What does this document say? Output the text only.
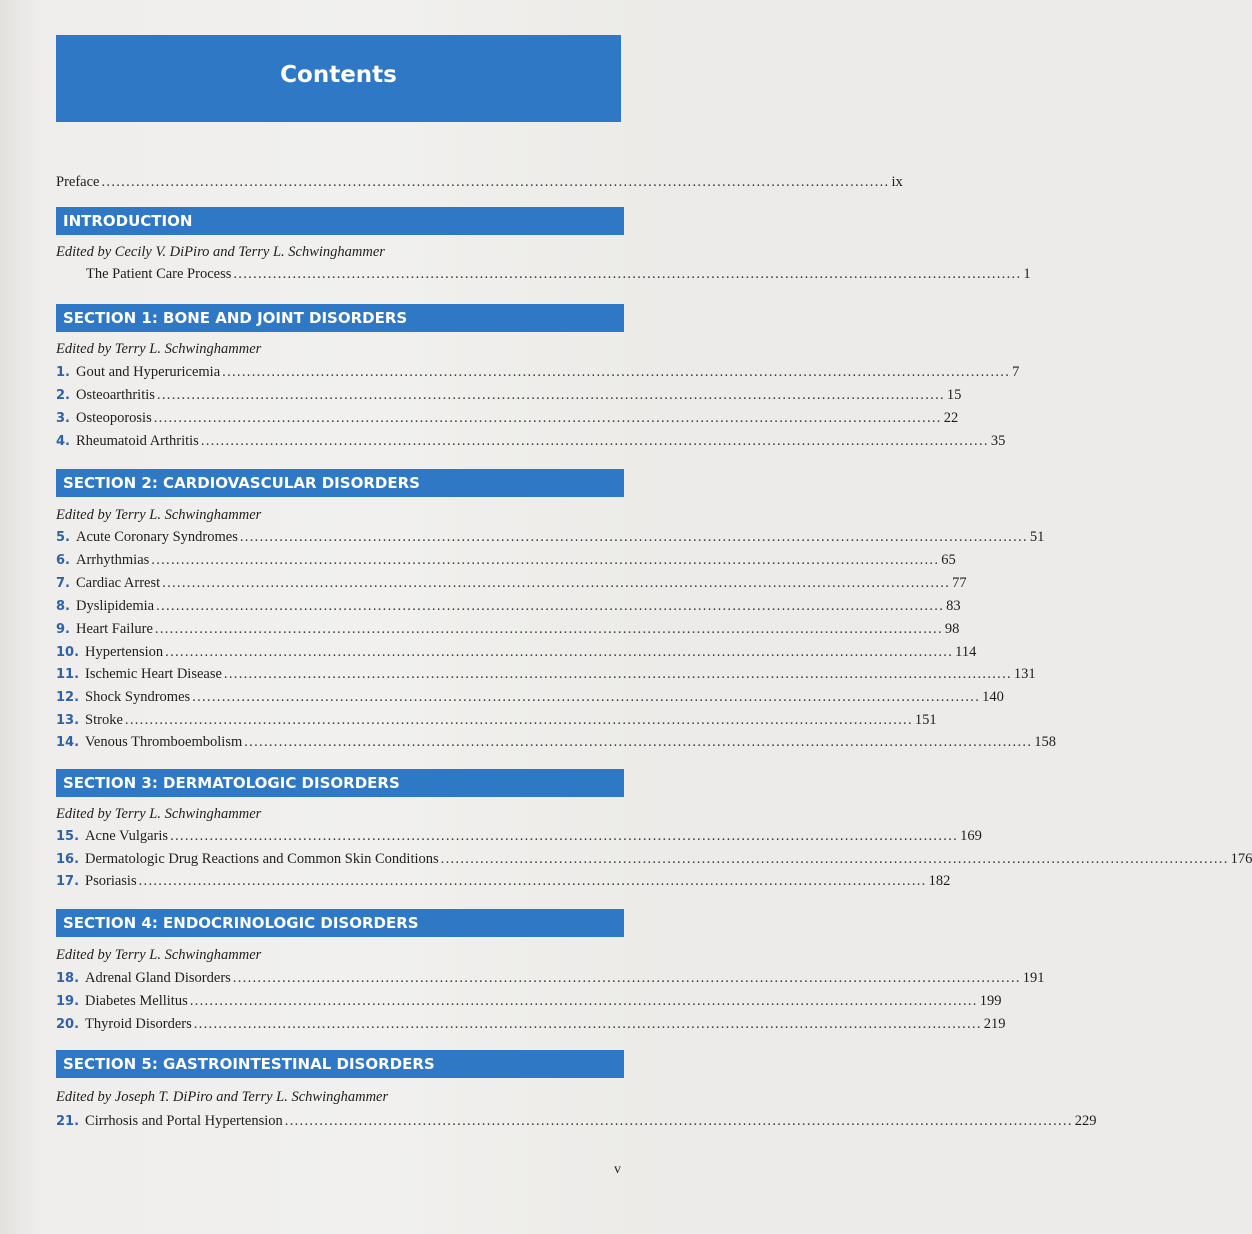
Contents
Preface ................................................................................................................................................................ ix
INTRODUCTION
Edited by Cecily V. DiPiro and Terry L. Schwinghammer
The Patient Care Process ................................................................................................................................................................ 1
SECTION 1: BONE AND JOINT DISORDERS
Edited by Terry L. Schwinghammer
1. Gout and Hyperuricemia ................................................................................................................................................................ 7
2. Osteoarthritis ................................................................................................................................................................ 15
3. Osteoporosis ................................................................................................................................................................ 22
4. Rheumatoid Arthritis ................................................................................................................................................................ 35
SECTION 2: CARDIOVASCULAR DISORDERS
Edited by Terry L. Schwinghammer
5. Acute Coronary Syndromes ................................................................................................................................................................ 51
6. Arrhythmias ................................................................................................................................................................ 65
7. Cardiac Arrest ................................................................................................................................................................ 77
8. Dyslipidemia ................................................................................................................................................................ 83
9. Heart Failure ................................................................................................................................................................ 98
10. Hypertension ................................................................................................................................................................ 114
11. Ischemic Heart Disease ................................................................................................................................................................ 131
12. Shock Syndromes ................................................................................................................................................................ 140
13. Stroke ................................................................................................................................................................ 151
14. Venous Thromboembolism ................................................................................................................................................................ 158
SECTION 3: DERMATOLOGIC DISORDERS
Edited by Terry L. Schwinghammer
15. Acne Vulgaris ................................................................................................................................................................ 169
16. Dermatologic Drug Reactions and Common Skin Conditions ................................................................................................................................................................ 176
17. Psoriasis ................................................................................................................................................................ 182
SECTION 4: ENDOCRINOLOGIC DISORDERS
Edited by Terry L. Schwinghammer
18. Adrenal Gland Disorders ................................................................................................................................................................ 191
19. Diabetes Mellitus ................................................................................................................................................................ 199
20. Thyroid Disorders ................................................................................................................................................................ 219
SECTION 5: GASTROINTESTINAL DISORDERS
Edited by Joseph T. DiPiro and Terry L. Schwinghammer
21. Cirrhosis and Portal Hypertension ................................................................................................................................................................ 229
v
